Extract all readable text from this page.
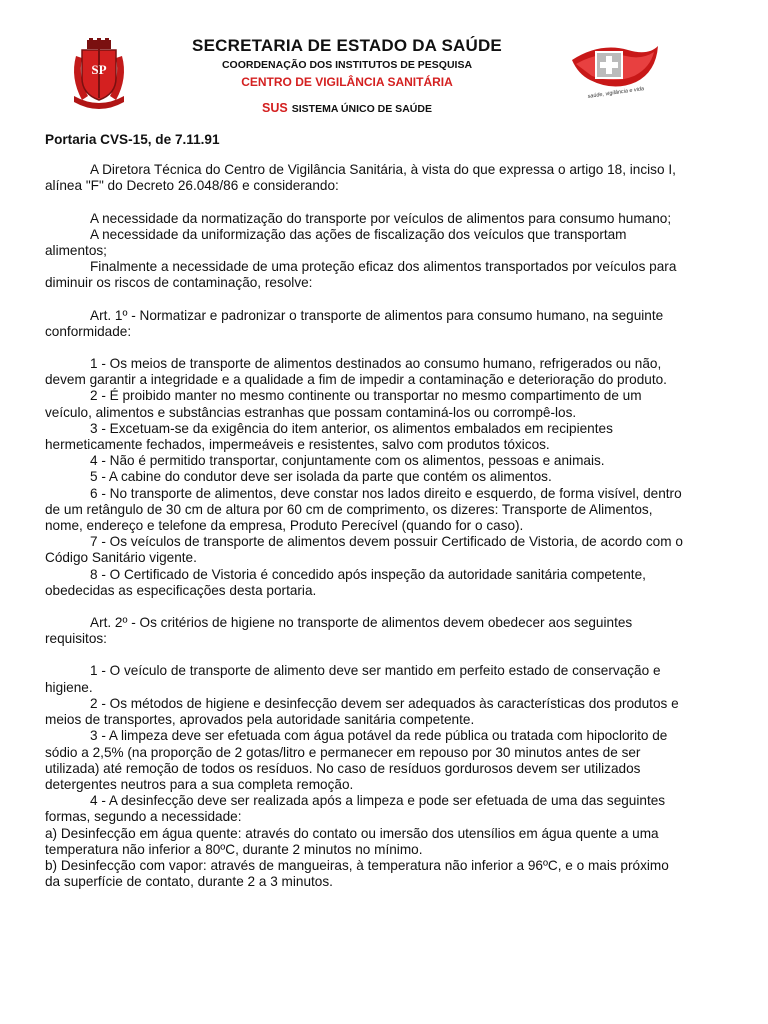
SP
SECRETARIA DE ESTADO DA SAÚDE
COORDENAÇÃO DOS INSTITUTOS DE PESQUISA
CENTRO DE VIGILÂNCIA SANITÁRIA
SUS SISTEMA ÚNICO DE SAÚDE
saúde, vigilância e vida

Portaria CVS-15, de 7.11.91

A Diretora Técnica do Centro de Vigilância Sanitária, à vista do que expressa o artigo 18, inciso I, alínea "F" do Decreto 26.048/86 e considerando:

A necessidade da normatização do transporte por veículos de alimentos para consumo humano;

A necessidade da uniformização das ações de fiscalização dos veículos que transportam alimentos;

Finalmente a necessidade de uma proteção eficaz dos alimentos transportados por veículos para diminuir os riscos de contaminação, resolve:

Art. 1º - Normatizar e padronizar o transporte de alimentos para consumo humano, na seguinte conformidade:

1 - Os meios de transporte de alimentos destinados ao consumo humano, refrigerados ou não, devem garantir a integridade e a qualidade a fim de impedir a contaminação e deterioração do produto.

2 - É proibido manter no mesmo continente ou transportar no mesmo compartimento de um veículo, alimentos e substâncias estranhas que possam contaminá-los ou corrompê-los.

3 - Excetuam-se da exigência do item anterior, os alimentos embalados em recipientes hermeticamente fechados, impermeáveis e resistentes, salvo com produtos tóxicos.

4 - Não é permitido transportar, conjuntamente com os alimentos, pessoas e animais.

5 - A cabine do condutor deve ser isolada da parte que contém os alimentos.

6 - No transporte de alimentos, deve constar nos lados direito e esquerdo, de forma visível, dentro de um retângulo de 30 cm de altura por 60 cm de comprimento, os dizeres: Transporte de Alimentos, nome, endereço e telefone da empresa, Produto Perecível (quando for o caso).

7 - Os veículos de transporte de alimentos devem possuir Certificado de Vistoria, de acordo com o Código Sanitário vigente.

8 - O Certificado de Vistoria é concedido após inspeção da autoridade sanitária competente, obedecidas as especificações desta portaria.

Art. 2º - Os critérios de higiene no transporte de alimentos devem obedecer aos seguintes requisitos:

1 - O veículo de transporte de alimento deve ser mantido em perfeito estado de conservação e higiene.

2 - Os métodos de higiene e desinfecção devem ser adequados às características dos produtos e meios de transportes, aprovados pela autoridade sanitária competente.

3 - A limpeza deve ser efetuada com água potável da rede pública ou tratada com hipoclorito de sódio a 2,5% (na proporção de 2 gotas/litro e permanecer em repouso por 30 minutos antes de ser utilizada) até remoção de todos os resíduos. No caso de resíduos gordurosos devem ser utilizados detergentes neutros para a sua completa remoção.

4 - A desinfecção deve ser realizada após a limpeza e pode ser efetuada de uma das seguintes formas, segundo a necessidade:

a) Desinfecção em água quente: através do contato ou imersão dos utensílios em água quente a uma temperatura não inferior a 80ºC, durante 2 minutos no mínimo.

b) Desinfecção com vapor: através de mangueiras, à temperatura não inferior a 96ºC, e o mais próximo da superfície de contato, durante 2 a 3 minutos.
